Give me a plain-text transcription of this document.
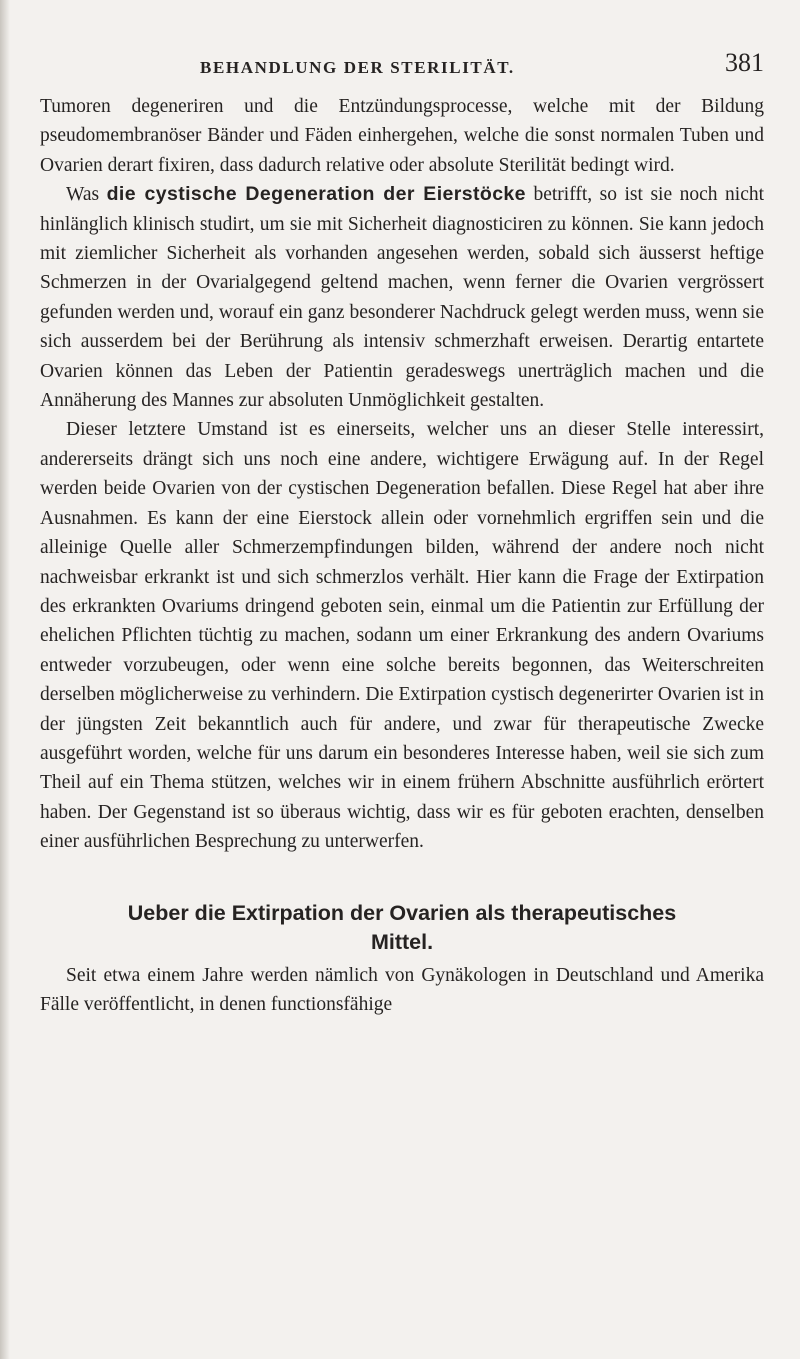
BEHANDLUNG DER STERILITÄT.	381

Tumoren degeneriren und die Entzündungsprocesse, welche mit der Bildung pseudomembranöser Bänder und Fäden einhergehen, welche die sonst normalen Tuben und Ovarien derart fixiren, dass dadurch relative oder absolute Sterilität bedingt wird.

Was die cystische Degeneration der Eierstöcke betrifft, so ist sie noch nicht hinlänglich klinisch studirt, um sie mit Sicherheit diagnosticiren zu können. Sie kann jedoch mit ziemlicher Sicherheit als vorhanden angesehen werden, sobald sich äusserst heftige Schmerzen in der Ovarialgegend geltend machen, wenn ferner die Ovarien vergrössert gefunden werden und, worauf ein ganz besonderer Nachdruck gelegt werden muss, wenn sie sich ausserdem bei der Berührung als intensiv schmerzhaft erweisen. Derartig entartete Ovarien können das Leben der Patientin geradeswegs unerträglich machen und die Annäherung des Mannes zur absoluten Unmöglichkeit gestalten.

Dieser letztere Umstand ist es einerseits, welcher uns an dieser Stelle interessirt, andererseits drängt sich uns noch eine andere, wichtigere Erwägung auf. In der Regel werden beide Ovarien von der cystischen Degeneration befallen. Diese Regel hat aber ihre Ausnahmen. Es kann der eine Eierstock allein oder vornehmlich ergriffen sein und die alleinige Quelle aller Schmerzempfindungen bilden, während der andere noch nicht nachweisbar erkrankt ist und sich schmerzlos verhält. Hier kann die Frage der Extirpation des erkrankten Ovariums dringend geboten sein, einmal um die Patientin zur Erfüllung der ehelichen Pflichten tüchtig zu machen, sodann um einer Erkrankung des andern Ovariums entweder vorzubeugen, oder wenn eine solche bereits begonnen, das Weiterschreiten derselben möglicherweise zu verhindern. Die Extirpation cystisch degenerirter Ovarien ist in der jüngsten Zeit bekanntlich auch für andere, und zwar für therapeutische Zwecke ausgeführt worden, welche für uns darum ein besonderes Interesse haben, weil sie sich zum Theil auf ein Thema stützen, welches wir in einem frühern Abschnitte ausführlich erörtert haben. Der Gegenstand ist so überaus wichtig, dass wir es für geboten erachten, denselben einer ausführlichen Besprechung zu unterwerfen.

Ueber die Extirpation der Ovarien als therapeutisches
Mittel.

Seit etwa einem Jahre werden nämlich von Gynäkologen in Deutschland und Amerika Fälle veröffentlicht, in denen functionsfähige
